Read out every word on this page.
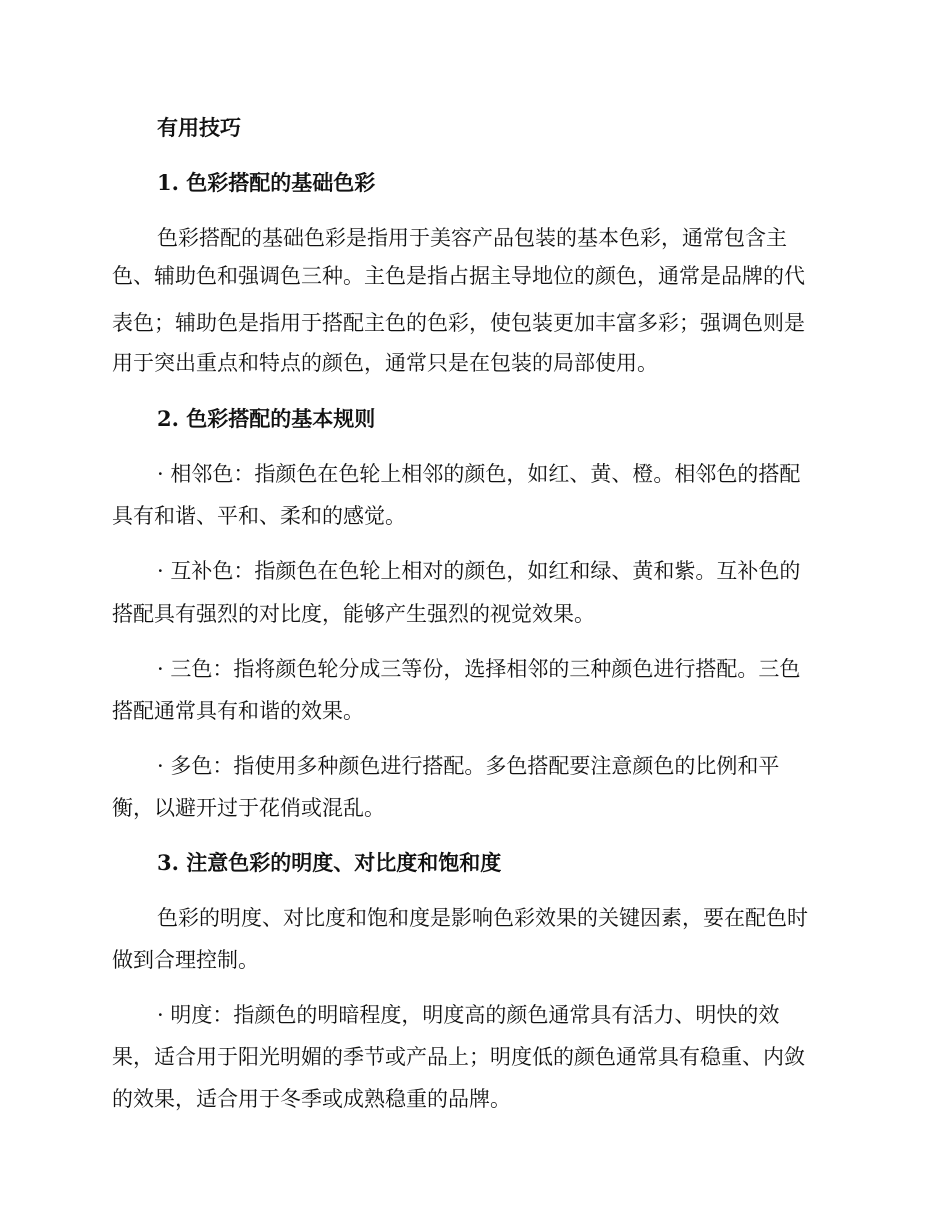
有用技巧
1. 色彩搭配的基础色彩
色彩搭配的基础色彩是指用于美容产品包装的基本色彩，通常包含主
色、辅助色和强调色三种。主色是指占据主导地位的颜色，通常是品牌的代
表色；辅助色是指用于搭配主色的色彩，使包装更加丰富多彩；强调色则是
用于突出重点和特点的颜色，通常只是在包装的局部使用。
2. 色彩搭配的基本规则
· 相邻色：指颜色在色轮上相邻的颜色，如红、黄、橙。相邻色的搭配
具有和谐、平和、柔和的感觉。
· 互补色：指颜色在色轮上相对的颜色，如红和绿、黄和紫。互补色的
搭配具有强烈的对比度，能够产生强烈的视觉效果。
· 三色：指将颜色轮分成三等份，选择相邻的三种颜色进行搭配。三色
搭配通常具有和谐的效果。
· 多色：指使用多种颜色进行搭配。多色搭配要注意颜色的比例和平
衡，以避开过于花俏或混乱。
3. 注意色彩的明度、对比度和饱和度
色彩的明度、对比度和饱和度是影响色彩效果的关键因素，要在配色时
做到合理控制。
· 明度：指颜色的明暗程度，明度高的颜色通常具有活力、明快的效
果，适合用于阳光明媚的季节或产品上；明度低的颜色通常具有稳重、内敛
的效果，适合用于冬季或成熟稳重的品牌。
